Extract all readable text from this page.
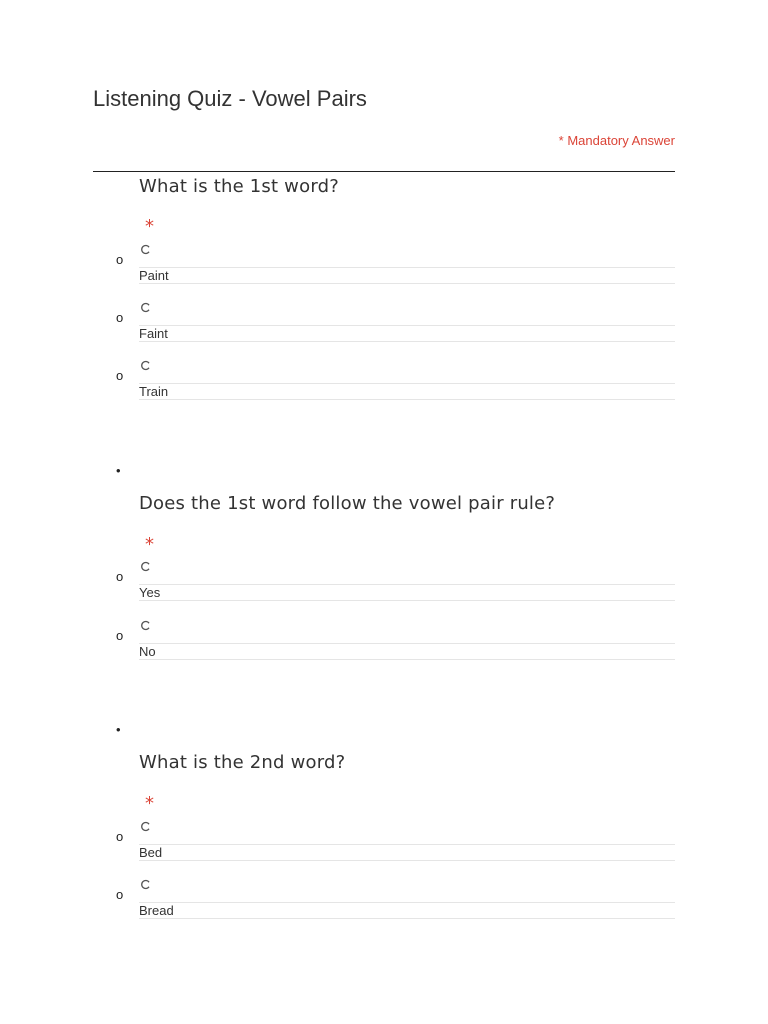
Listening Quiz - Vowel Pairs
* Mandatory Answer
What is the 1st word?
*
o
Paint
o
Faint
o
Train
•
Does the 1st word follow the vowel pair rule?
*
o
Yes
o
No
•
What is the 2nd word?
*
o
Bed
o
Bread
